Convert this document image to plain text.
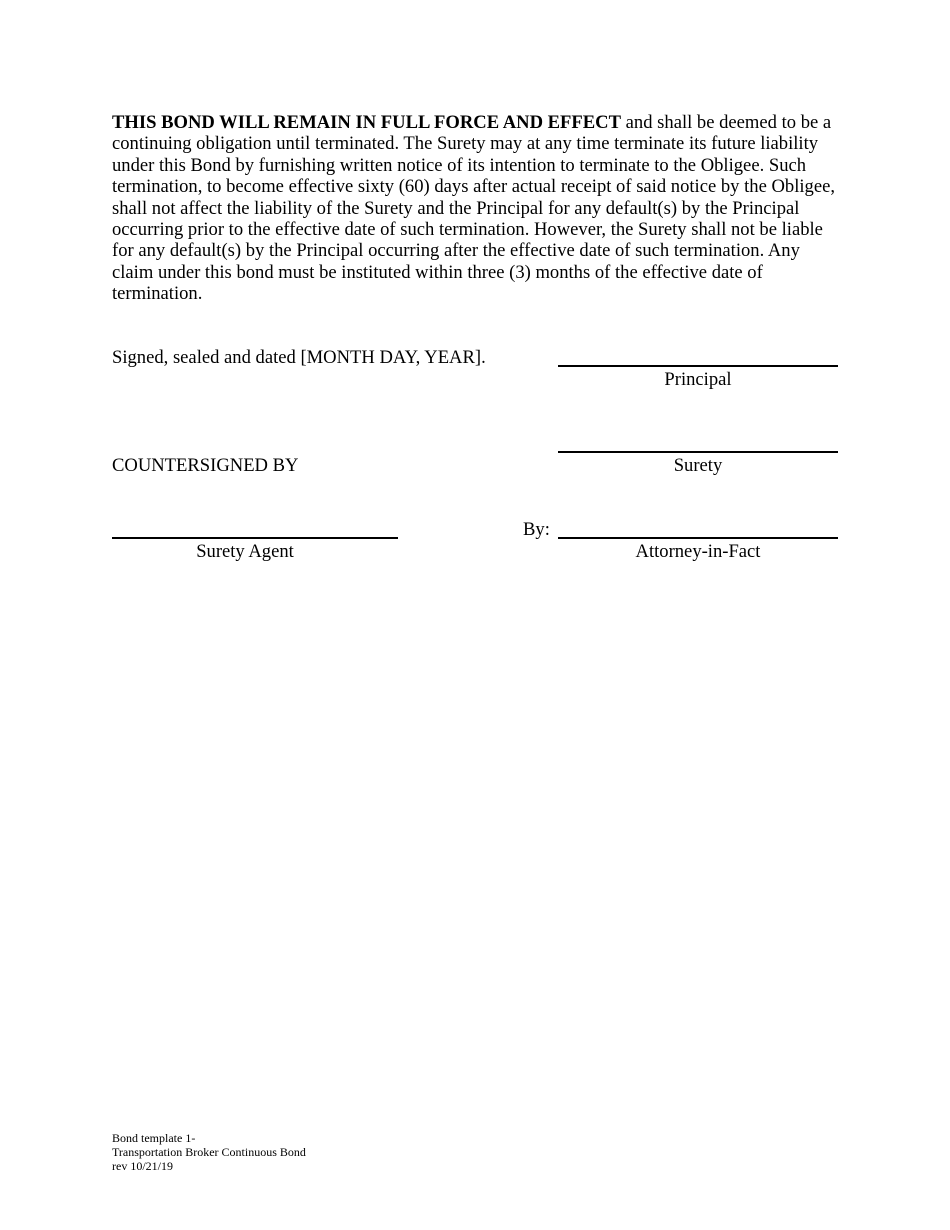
THIS BOND WILL REMAIN IN FULL FORCE AND EFFECT and shall be deemed to be a continuing obligation until terminated. The Surety may at any time terminate its future liability under this Bond by furnishing written notice of its intention to terminate to the Obligee. Such termination, to become effective sixty (60) days after actual receipt of said notice by the Obligee, shall not affect the liability of the Surety and the Principal for any default(s) by the Principal occurring prior to the effective date of such termination. However, the Surety shall not be liable for any default(s) by the Principal occurring after the effective date of such termination. Any claim under this bond must be instituted within three (3) months of the effective date of termination.
Signed, sealed and dated [MONTH DAY, YEAR].
Principal
COUNTERSIGNED BY	Surety
Surety Agent
By:
Attorney-in-Fact
Bond template 1-
Transportation Broker Continuous Bond
rev 10/21/19
